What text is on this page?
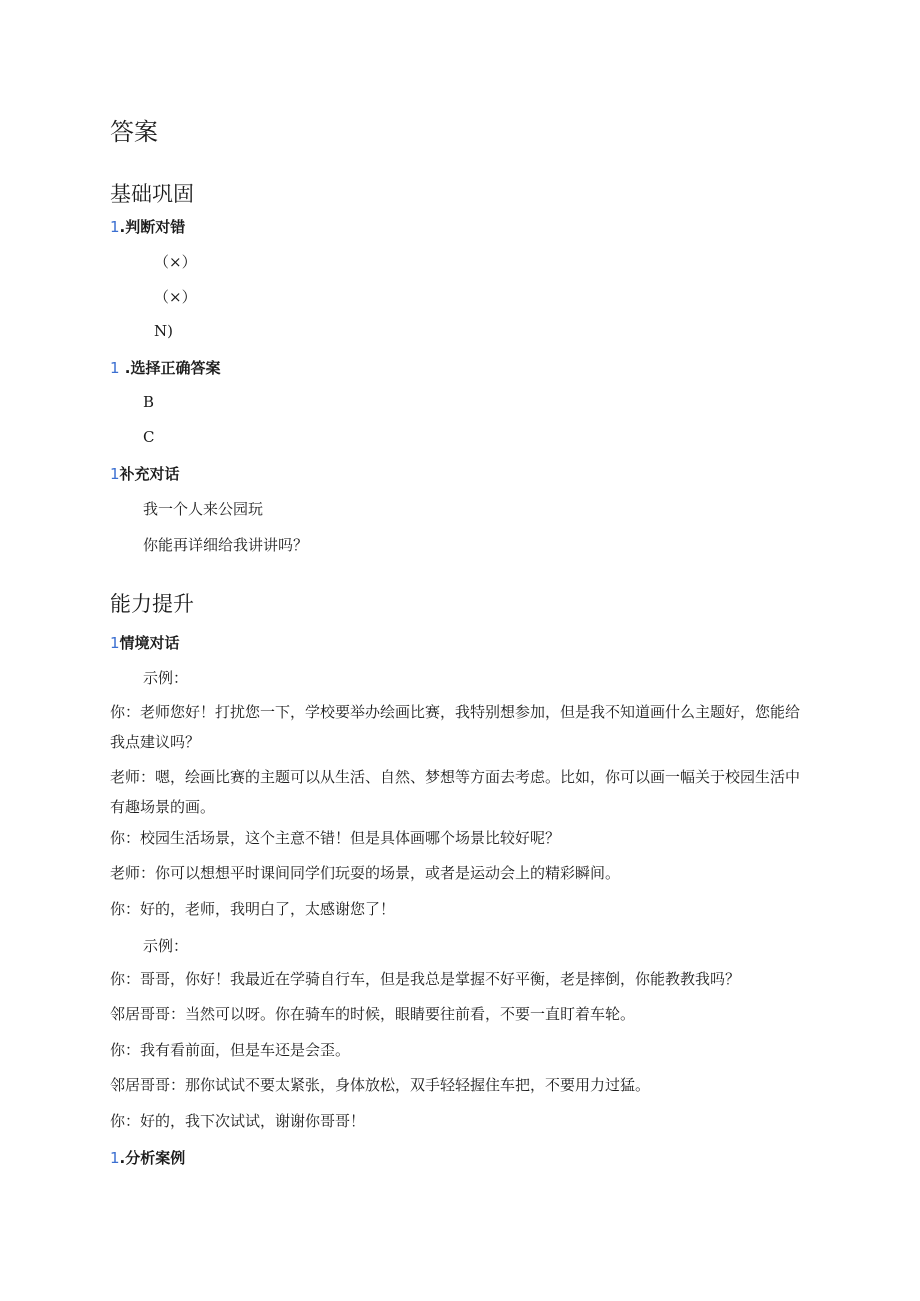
答案
基础巩固
1.判断对错

（×）

（×）

N)

1 .选择正确答案

B

C

1补充对话

我一个人来公园玩

你能再详细给我讲讲吗？

能力提升
1情境对话

示例：

你：老师您好！打扰您一下，学校要举办绘画比赛，我特别想参加，但是我不知道画什么主题好，您能给我点建议吗？

老师：嗯，绘画比赛的主题可以从生活、自然、梦想等方面去考虑。比如，你可以画一幅关于校园生活中有趣场景的画。

你：校园生活场景，这个主意不错！但是具体画哪个场景比较好呢？

老师：你可以想想平时课间同学们玩耍的场景，或者是运动会上的精彩瞬间。

你：好的，老师，我明白了，太感谢您了！

示例：

你：哥哥，你好！我最近在学骑自行车，但是我总是掌握不好平衡，老是摔倒，你能教教我吗？

邻居哥哥：当然可以呀。你在骑车的时候，眼睛要往前看，不要一直盯着车轮。

你：我有看前面，但是车还是会歪。

邻居哥哥：那你试试不要太紧张，身体放松，双手轻轻握住车把，不要用力过猛。

你：好的，我下次试试，谢谢你哥哥！

1.分析案例
